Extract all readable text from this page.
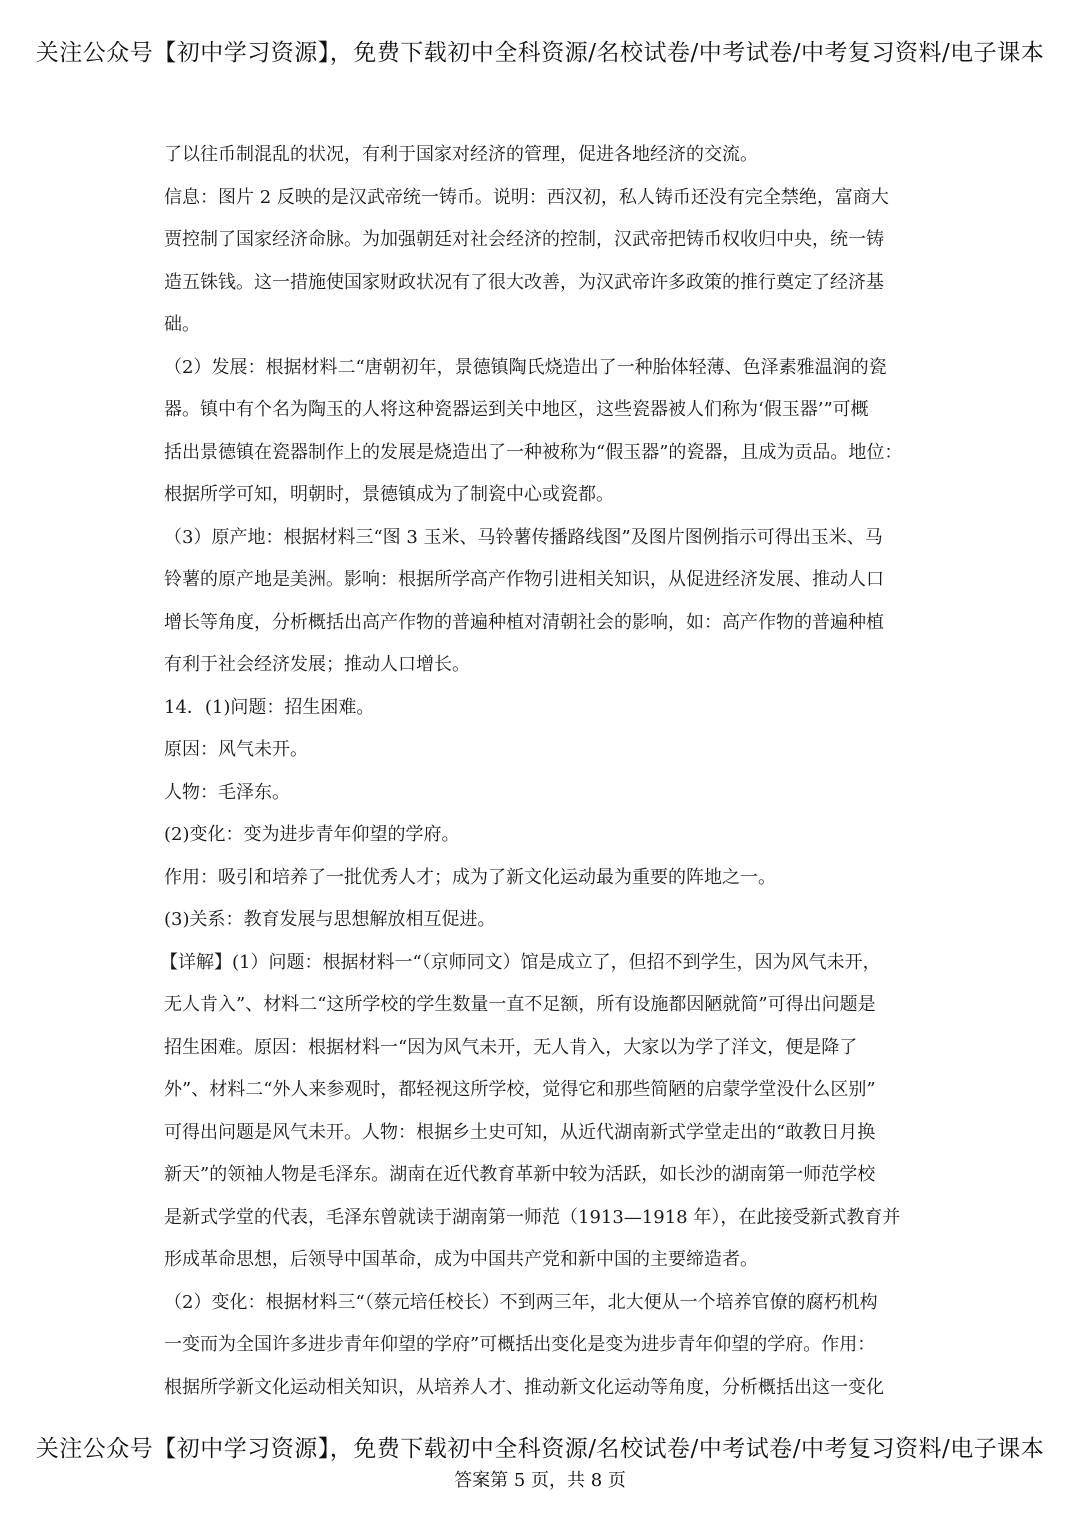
关注公众号【初中学习资源】，免费下载初中全科资源/名校试卷/中考试卷/中考复习资料/电子课本
了以往币制混乱的状况，有利于国家对经济的管理，促进各地经济的交流。
信息：图片 2 反映的是汉武帝统一铸币。说明：西汉初，私人铸币还没有完全禁绝，富商大
贾控制了国家经济命脉。为加强朝廷对社会经济的控制，汉武帝把铸币权收归中央，统一铸
造五铢钱。这一措施使国家财政状况有了很大改善，为汉武帝许多政策的推行奠定了经济基
础。
（2）发展：根据材料二“唐朝初年，景德镇陶氏烧造出了一种胎体轻薄、色泽素雅温润的瓷
器。镇中有个名为陶玉的人将这种瓷器运到关中地区，这些瓷器被人们称为‘假玉器’”可概
括出景德镇在瓷器制作上的发展是烧造出了一种被称为“假玉器”的瓷器，且成为贡品。地位：
根据所学可知，明朝时，景德镇成为了制瓷中心或瓷都。
（3）原产地：根据材料三“图 3 玉米、马铃薯传播路线图”及图片图例指示可得出玉米、马
铃薯的原产地是美洲。影响：根据所学高产作物引进相关知识，从促进经济发展、推动人口
增长等角度，分析概括出高产作物的普遍种植对清朝社会的影响，如：高产作物的普遍种植
有利于社会经济发展；推动人口增长。
14．(1)问题：招生困难。
原因：风气未开。
人物：毛泽东。
(2)变化：变为进步青年仰望的学府。
作用：吸引和培养了一批优秀人才；成为了新文化运动最为重要的阵地之一。
(3)关系：教育发展与思想解放相互促进。
【详解】(1）问题：根据材料一“（京师同文）馆是成立了，但招不到学生，因为风气未开，
无人肯入”、材料二“这所学校的学生数量一直不足额，所有设施都因陋就简”可得出问题是
招生困难。原因：根据材料一“因为风气未开，无人肯入，大家以为学了洋文，便是降了
外”、材料二“外人来参观时，都轻视这所学校，觉得它和那些简陋的启蒙学堂没什么区别”
可得出问题是风气未开。人物：根据乡土史可知，从近代湖南新式学堂走出的“敢教日月换
新天”的领袖人物是毛泽东。湖南在近代教育革新中较为活跃，如长沙的湖南第一师范学校
是新式学堂的代表，毛泽东曾就读于湖南第一师范（1913—1918 年），在此接受新式教育并
形成革命思想，后领导中国革命，成为中国共产党和新中国的主要缔造者。
（2）变化：根据材料三“（蔡元培任校长）不到两三年，北大便从一个培养官僚的腐朽机构
一变而为全国许多进步青年仰望的学府”可概括出变化是变为进步青年仰望的学府。作用：
根据所学新文化运动相关知识，从培养人才、推动新文化运动等角度，分析概括出这一变化
关注公众号【初中学习资源】，免费下载初中全科资源/名校试卷/中考试卷/中考复习资料/电子课本
答案第 5 页，共 8 页
